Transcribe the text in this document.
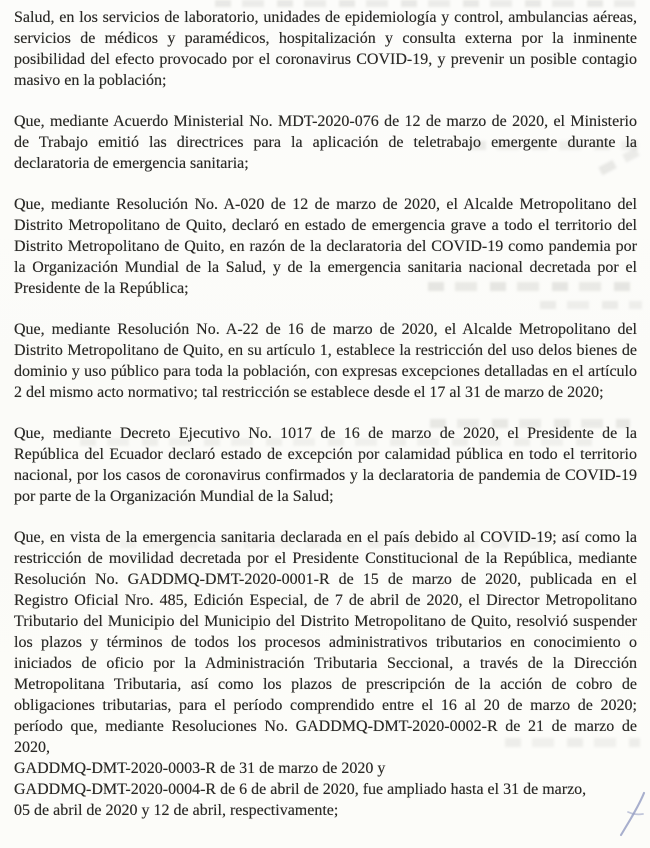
Salud, en los servicios de laboratorio, unidades de epidemiología y control, ambulancias aéreas, servicios de médicos y paramédicos, hospitalización y consulta externa por la inminente posibilidad del efecto provocado por el coronavirus COVID-19, y prevenir un posible contagio masivo en la población;

Que, mediante Acuerdo Ministerial No. MDT-2020-076 de 12 de marzo de 2020, el Ministerio de Trabajo emitió las directrices para la aplicación de teletrabajo emergente durante la declaratoria de emergencia sanitaria;

Que, mediante Resolución No. A-020 de 12 de marzo de 2020, el Alcalde Metropolitano del Distrito Metropolitano de Quito, declaró en estado de emergencia grave a todo el territorio del Distrito Metropolitano de Quito, en razón de la declaratoria del COVID-19 como pandemia por la Organización Mundial de la Salud, y de la emergencia sanitaria nacional decretada por el Presidente de la República;

Que, mediante Resolución No. A-22 de 16 de marzo de 2020, el Alcalde Metropolitano del Distrito Metropolitano de Quito, en su artículo 1, establece la restricción del uso delos bienes de dominio y uso público para toda la población, con expresas excepciones detalladas en el artículo 2 del mismo acto normativo; tal restricción se establece desde el 17 al 31 de marzo de 2020;

Que, mediante Decreto Ejecutivo No. 1017 de 16 de marzo de 2020, el Presidente de la República del Ecuador declaró estado de excepción por calamidad pública en todo el territorio nacional, por los casos de coronavirus confirmados y la declaratoria de pandemia de COVID-19 por parte de la Organización Mundial de la Salud;

Que, en vista de la emergencia sanitaria declarada en el país debido al COVID-19; así como la restricción de movilidad decretada por el Presidente Constitucional de la República, mediante Resolución No. GADDMQ-DMT-2020-0001-R de 15 de marzo de 2020, publicada en el Registro Oficial Nro. 485, Edición Especial, de 7 de abril de 2020, el Director Metropolitano Tributario del Municipio del Municipio del Distrito Metropolitano de Quito, resolvió suspender los plazos y términos de todos los procesos administrativos tributarios en conocimiento o iniciados de oficio por la Administración Tributaria Seccional, a través de la Dirección Metropolitana Tributaria, así como los plazos de prescripción de la acción de cobro de obligaciones tributarias, para el período comprendido entre el 16 al 20 de marzo de 2020; período que, mediante Resoluciones No. GADDMQ-DMT-2020-0002-R de 21 de marzo de 2020,

GADDMQ-DMT-2020-0003-R de 31 de marzo de 2020 y
GADDMQ-DMT-2020-0004-R de 6 de abril de 2020, fue ampliado hasta el 31 de marzo,
05 de abril de 2020 y 12 de abril, respectivamente;
